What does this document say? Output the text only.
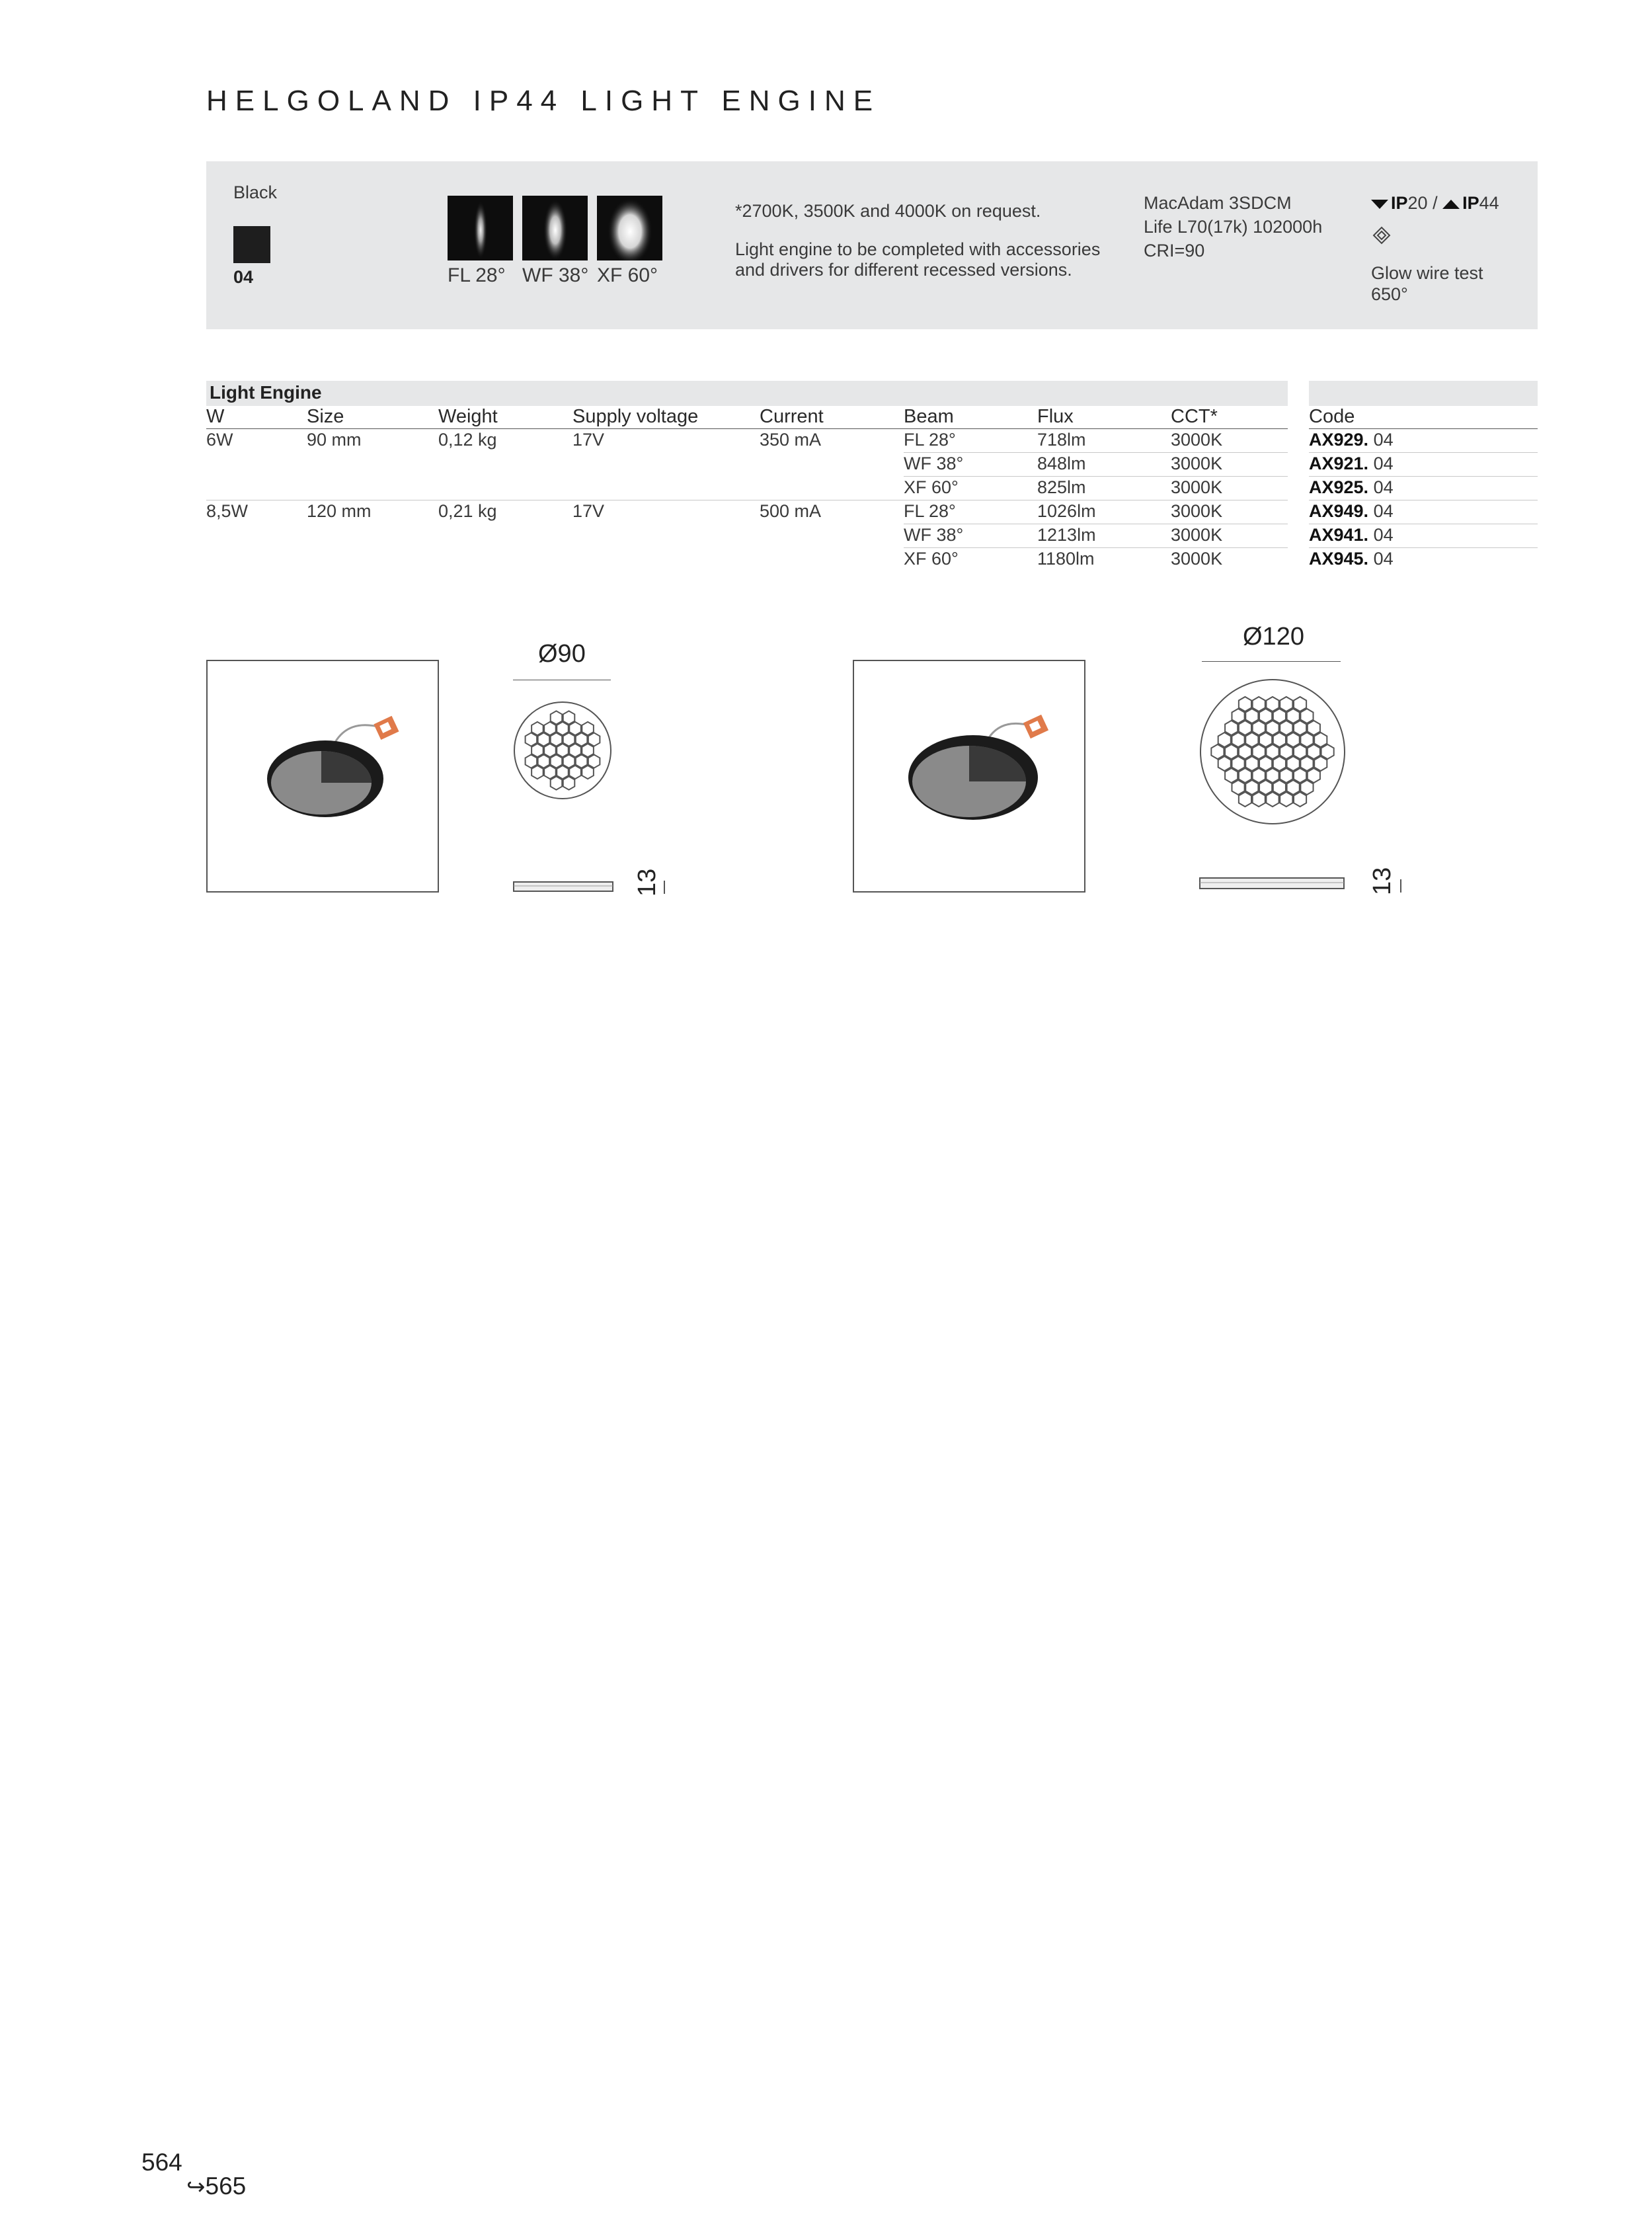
HELGOLAND IP44 LIGHT ENGINE
Black
04	FL 28° WF 38° XF 60°
*2700K, 3500K and 4000K on request.
Light engine to be completed with accessories
and drivers for different recessed versions.
MacAdam 3SDCM
Life L70(17k) 102000h
CRI=90
IP20 / IP44
Glow wire test
650°
Light Engine
W	Size	Weight	Supply voltage	Current	Beam	Flux	CCT*	Code
6W	90 mm	0,12 kg	17V	350 mA	FL 28°	718lm	3000K	AX929. 04
WF 38°	848lm	3000K	AX921. 04
XF 60°	825lm	3000K	AX925. 04
8,5W	120 mm	0,21 kg	17V	500 mA	FL 28°	1026lm	3000K	AX949. 04
WF 38°	1213lm	3000K	AX941. 04
XF 60°	1180lm	3000K	AX945. 04
Ø90
13
Ø120
13
564
↪565
